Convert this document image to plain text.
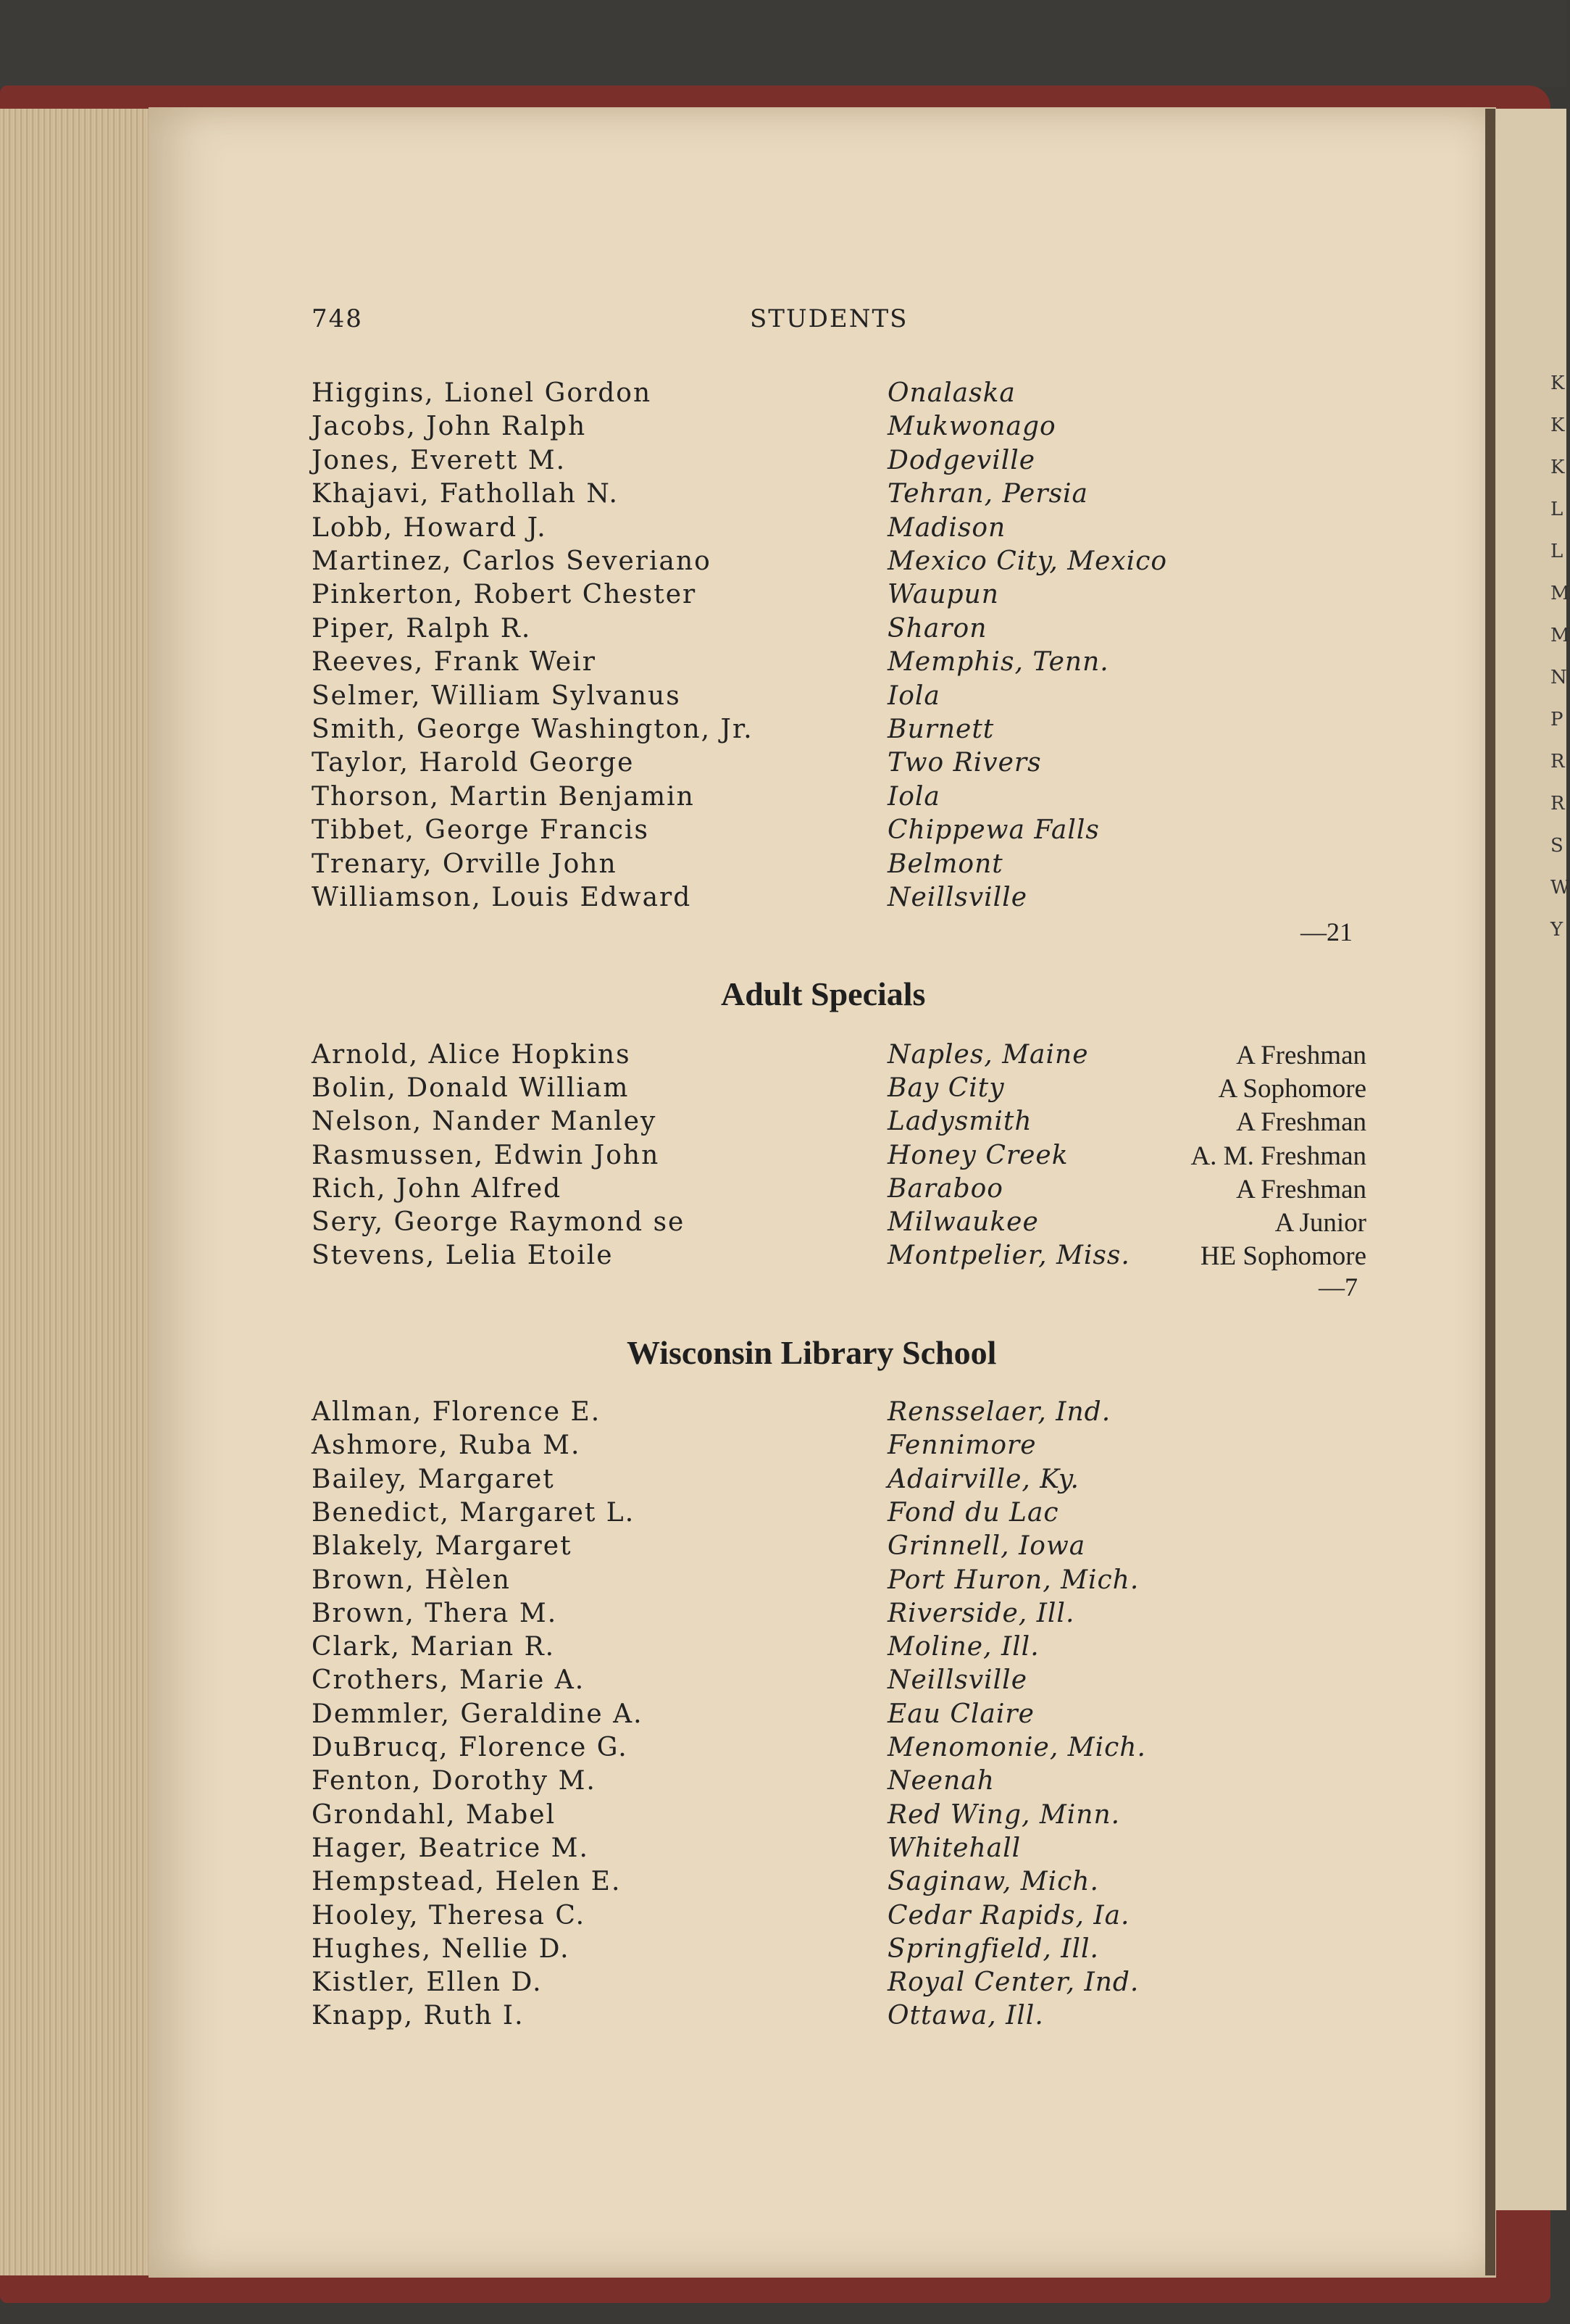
K
K
K
L
L
M
M
N
P
R
R
S
W
Y
748	STUDENTS
Higgins, Lionel Gordon	Onalaska
Jacobs, John Ralph	Mukwonago
Jones, Everett M.	Dodgeville
Khajavi, Fathollah N.	Tehran, Persia
Lobb, Howard J.	Madison
Martinez, Carlos Severiano	Mexico City, Mexico
Pinkerton, Robert Chester	Waupun
Piper, Ralph R.	Sharon
Reeves, Frank Weir	Memphis, Tenn.
Selmer, William Sylvanus	Iola
Smith, George Washington, Jr.	Burnett
Taylor, Harold George	Two Rivers
Thorson, Martin Benjamin	Iola
Tibbet, George Francis	Chippewa Falls
Trenary, Orville John	Belmont
Williamson, Louis Edward	Neillsville
—21
Adult Specials
Arnold, Alice Hopkins	Naples, Maine	A Freshman
Bolin, Donald William	Bay City	A Sophomore
Nelson, Nander Manley	Ladysmith	A Freshman
Rasmussen, Edwin John	Honey Creek	A. M. Freshman
Rich, John Alfred	Baraboo	A Freshman
Sery, George Raymond se	Milwaukee	A Junior
Stevens, Lelia Etoile	Montpelier, Miss.	HE Sophomore
—7
Wisconsin Library School
Allman, Florence E.	Rensselaer, Ind.
Ashmore, Ruba M.	Fennimore
Bailey, Margaret	Adairville, Ky.
Benedict, Margaret L.	Fond du Lac
Blakely, Margaret	Grinnell, Iowa
Brown, Hèlen	Port Huron, Mich.
Brown, Thera M.	Riverside, Ill.
Clark, Marian R.	Moline, Ill.
Crothers, Marie A.	Neillsville
Demmler, Geraldine A.	Eau Claire
DuBrucq, Florence G.	Menomonie, Mich.
Fenton, Dorothy M.	Neenah
Grondahl, Mabel	Red Wing, Minn.
Hager, Beatrice M.	Whitehall
Hempstead, Helen E.	Saginaw, Mich.
Hooley, Theresa C.	Cedar Rapids, Ia.
Hughes, Nellie D.	Springfield, Ill.
Kistler, Ellen D.	Royal Center, Ind.
Knapp, Ruth I.	Ottawa, Ill.
